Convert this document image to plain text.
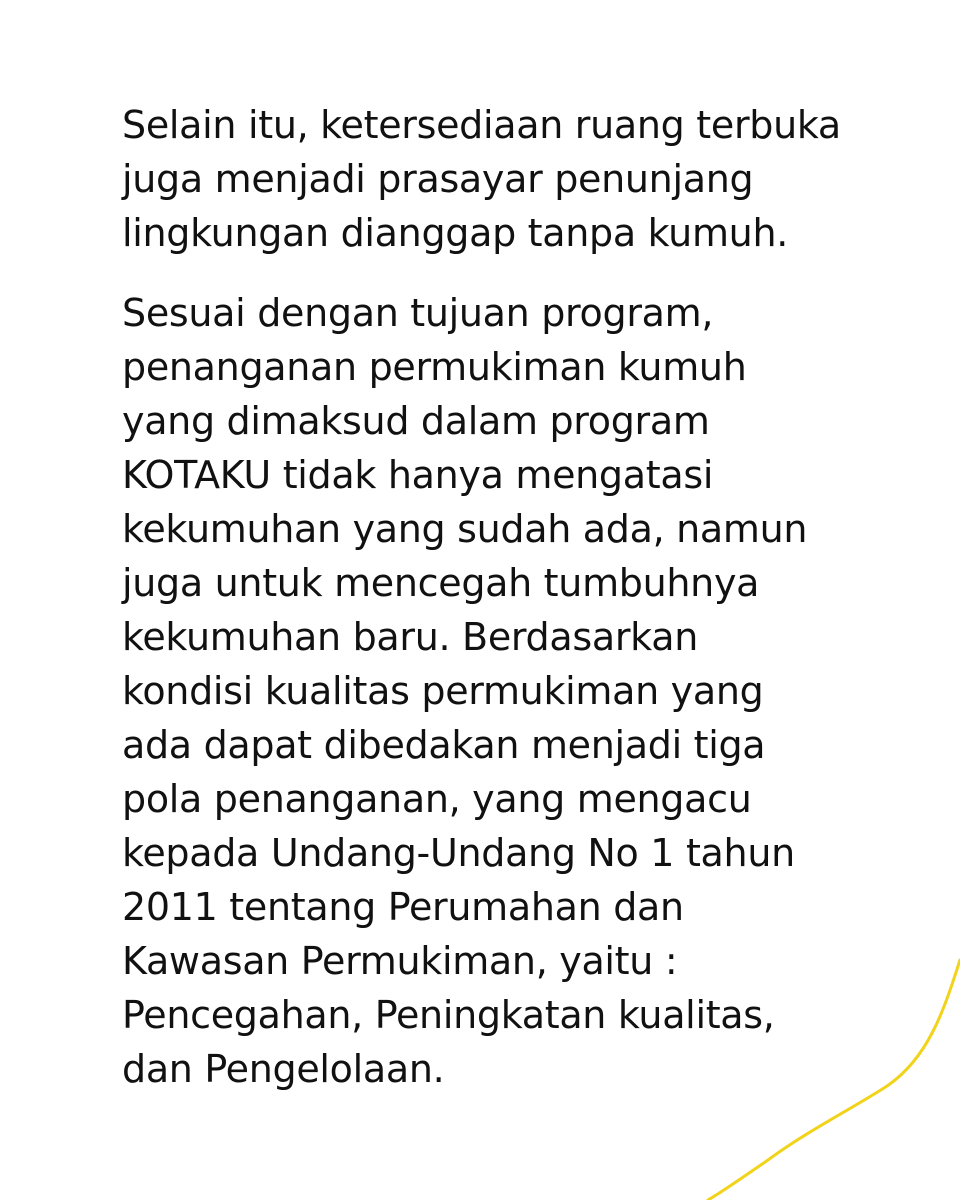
Selain itu, ketersediaan ruang terbuka
juga menjadi prasayar penunjang
lingkungan dianggap tanpa kumuh.
Sesuai dengan tujuan program,
penanganan permukiman kumuh
yang dimaksud dalam program
KOTAKU tidak hanya mengatasi
kekumuhan yang sudah ada, namun
juga untuk mencegah tumbuhnya
kekumuhan baru. Berdasarkan
kondisi kualitas permukiman yang
ada dapat dibedakan menjadi tiga
pola penanganan, yang mengacu
kepada Undang-Undang No 1 tahun
2011 tentang Perumahan dan
Kawasan Permukiman, yaitu :
Pencegahan, Peningkatan kualitas,
dan Pengelolaan.
